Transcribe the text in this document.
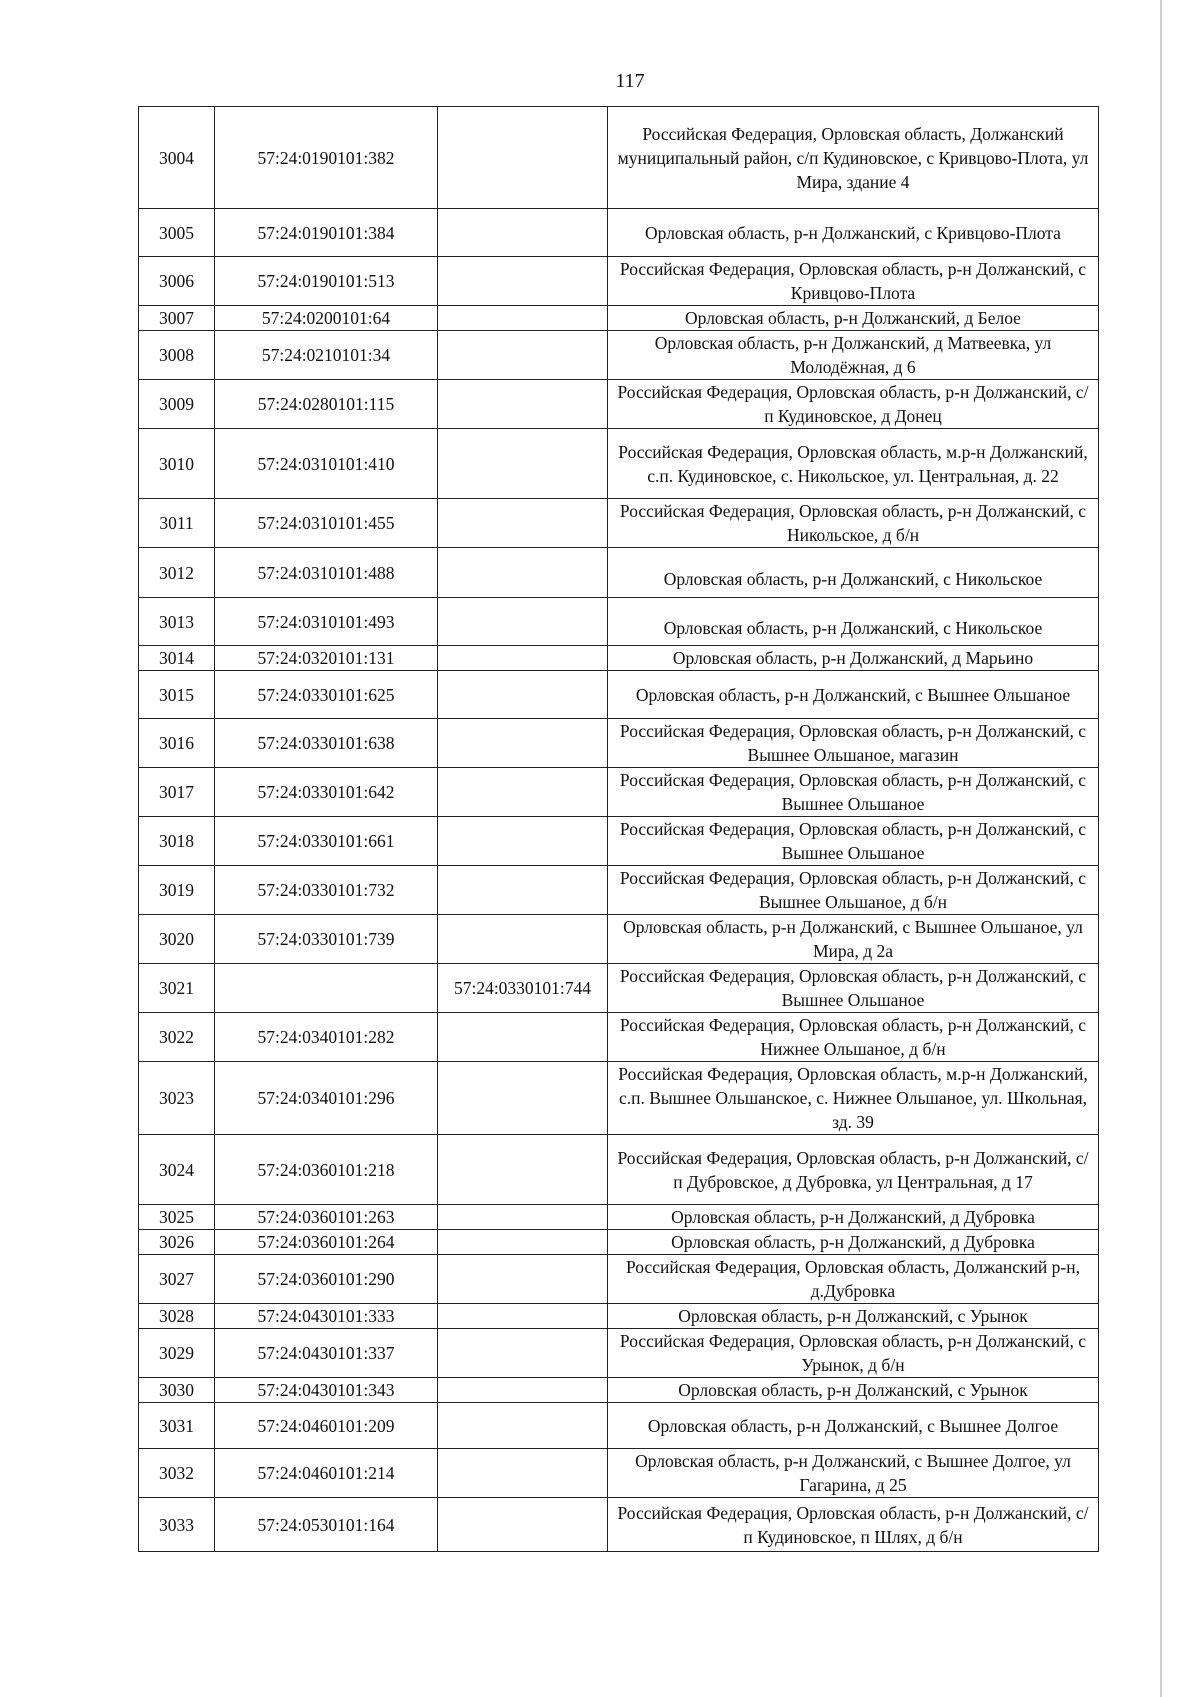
117
3004	57:24:0190101:382		Российская Федерация, Орловская область, Должанский муниципальный район, с/п Кудиновское, с Кривцово-Плота, ул Мира, здание 4
3005	57:24:0190101:384		Орловская область, р-н Должанский, с Кривцово-Плота
3006	57:24:0190101:513		Российская Федерация, Орловская область, р-н Должанский, с Кривцово-Плота
3007	57:24:0200101:64		Орловская область, р-н Должанский, д Белое
3008	57:24:0210101:34		Орловская область, р-н Должанский, д Матвеевка, ул Молодёжная, д 6
3009	57:24:0280101:115		Российская Федерация, Орловская область, р-н Должанский, с/п Кудиновское, д Донец
3010	57:24:0310101:410		Российская Федерация, Орловская область, м.р-н Должанский, с.п. Кудиновское, с. Никольское, ул. Центральная, д. 22
3011	57:24:0310101:455		Российская Федерация, Орловская область, р-н Должанский, с Никольское, д б/н
3012	57:24:0310101:488		Орловская область, р-н Должанский, с Никольское
3013	57:24:0310101:493		Орловская область, р-н Должанский, с Никольское
3014	57:24:0320101:131		Орловская область, р-н Должанский, д Марьино
3015	57:24:0330101:625		Орловская область, р-н Должанский, с Вышнее Ольшаное
3016	57:24:0330101:638		Российская Федерация, Орловская область, р-н Должанский, с Вышнее Ольшаное, магазин
3017	57:24:0330101:642		Российская Федерация, Орловская область, р-н Должанский, с Вышнее Ольшаное
3018	57:24:0330101:661		Российская Федерация, Орловская область, р-н Должанский, с Вышнее Ольшаное
3019	57:24:0330101:732		Российская Федерация, Орловская область, р-н Должанский, с Вышнее Ольшаное, д б/н
3020	57:24:0330101:739		Орловская область, р-н Должанский, с Вышнее Ольшаное, ул Мира, д 2а
3021		57:24:0330101:744	Российская Федерация, Орловская область, р-н Должанский, с Вышнее Ольшаное
3022	57:24:0340101:282		Российская Федерация, Орловская область, р-н Должанский, с Нижнее Ольшаное, д б/н
3023	57:24:0340101:296		Российская Федерация, Орловская область, м.р-н Должанский, с.п. Вышнее Ольшанское, с. Нижнее Ольшаное, ул. Школьная, зд. 39
3024	57:24:0360101:218		Российская Федерация, Орловская область, р-н Должанский, с/п Дубровское, д Дубровка, ул Центральная, д 17
3025	57:24:0360101:263		Орловская область, р-н Должанский, д Дубровка
3026	57:24:0360101:264		Орловская область, р-н Должанский, д Дубровка
3027	57:24:0360101:290		Российская Федерация, Орловская область, Должанский р-н, д.Дубровка
3028	57:24:0430101:333		Орловская область, р-н Должанский, с Урынок
3029	57:24:0430101:337		Российская Федерация, Орловская область, р-н Должанский, с Урынок, д б/н
3030	57:24:0430101:343		Орловская область, р-н Должанский, с Урынок
3031	57:24:0460101:209		Орловская область, р-н Должанский, с Вышнее Долгое
3032	57:24:0460101:214		Орловская область, р-н Должанский, с Вышнее Долгое, ул Гагарина, д 25
3033	57:24:0530101:164		Российская Федерация, Орловская область, р-н Должанский, с/п Кудиновское, п Шлях, д б/н
